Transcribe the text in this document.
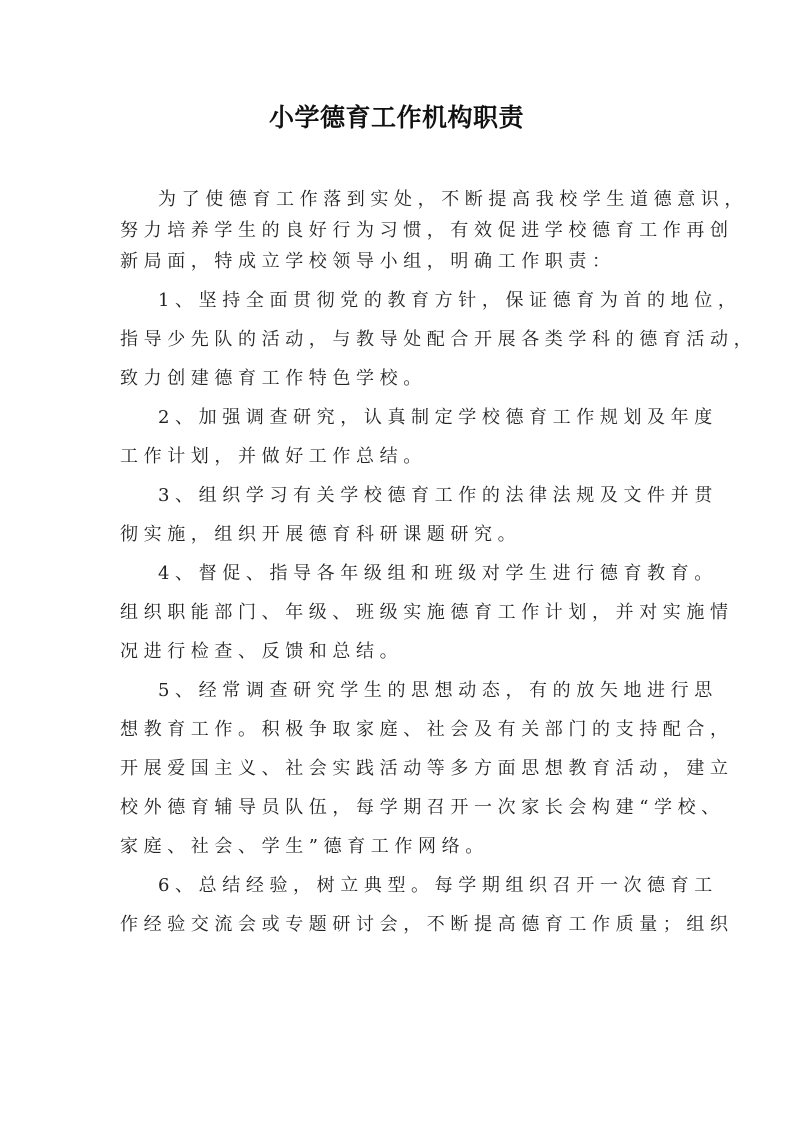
小学德育工作机构职责
为了使德育工作落到实处，不断提高我校学生道德意识，
努力培养学生的良好行为习惯，有效促进学校德育工作再创
新局面，特成立学校领导小组，明确工作职责：
1、坚持全面贯彻党的教育方针，保证德育为首的地位，
指导少先队的活动，与教导处配合开展各类学科的德育活动，
致力创建德育工作特色学校。
2、加强调查研究，认真制定学校德育工作规划及年度
工作计划，并做好工作总结。
3、组织学习有关学校德育工作的法律法规及文件并贯
彻实施，组织开展德育科研课题研究。
4、督促、指导各年级组和班级对学生进行德育教育。
组织职能部门、年级、班级实施德育工作计划，并对实施情
况进行检查、反馈和总结。
5、经常调查研究学生的思想动态，有的放矢地进行思
想教育工作。积极争取家庭、社会及有关部门的支持配合，
开展爱国主义、社会实践活动等多方面思想教育活动，建立
校外德育辅导员队伍，每学期召开一次家长会构建“学校、
家庭、社会、学生”德育工作网络。
6、总结经验，树立典型。每学期组织召开一次德育工
作经验交流会或专题研讨会，不断提高德育工作质量；组织
